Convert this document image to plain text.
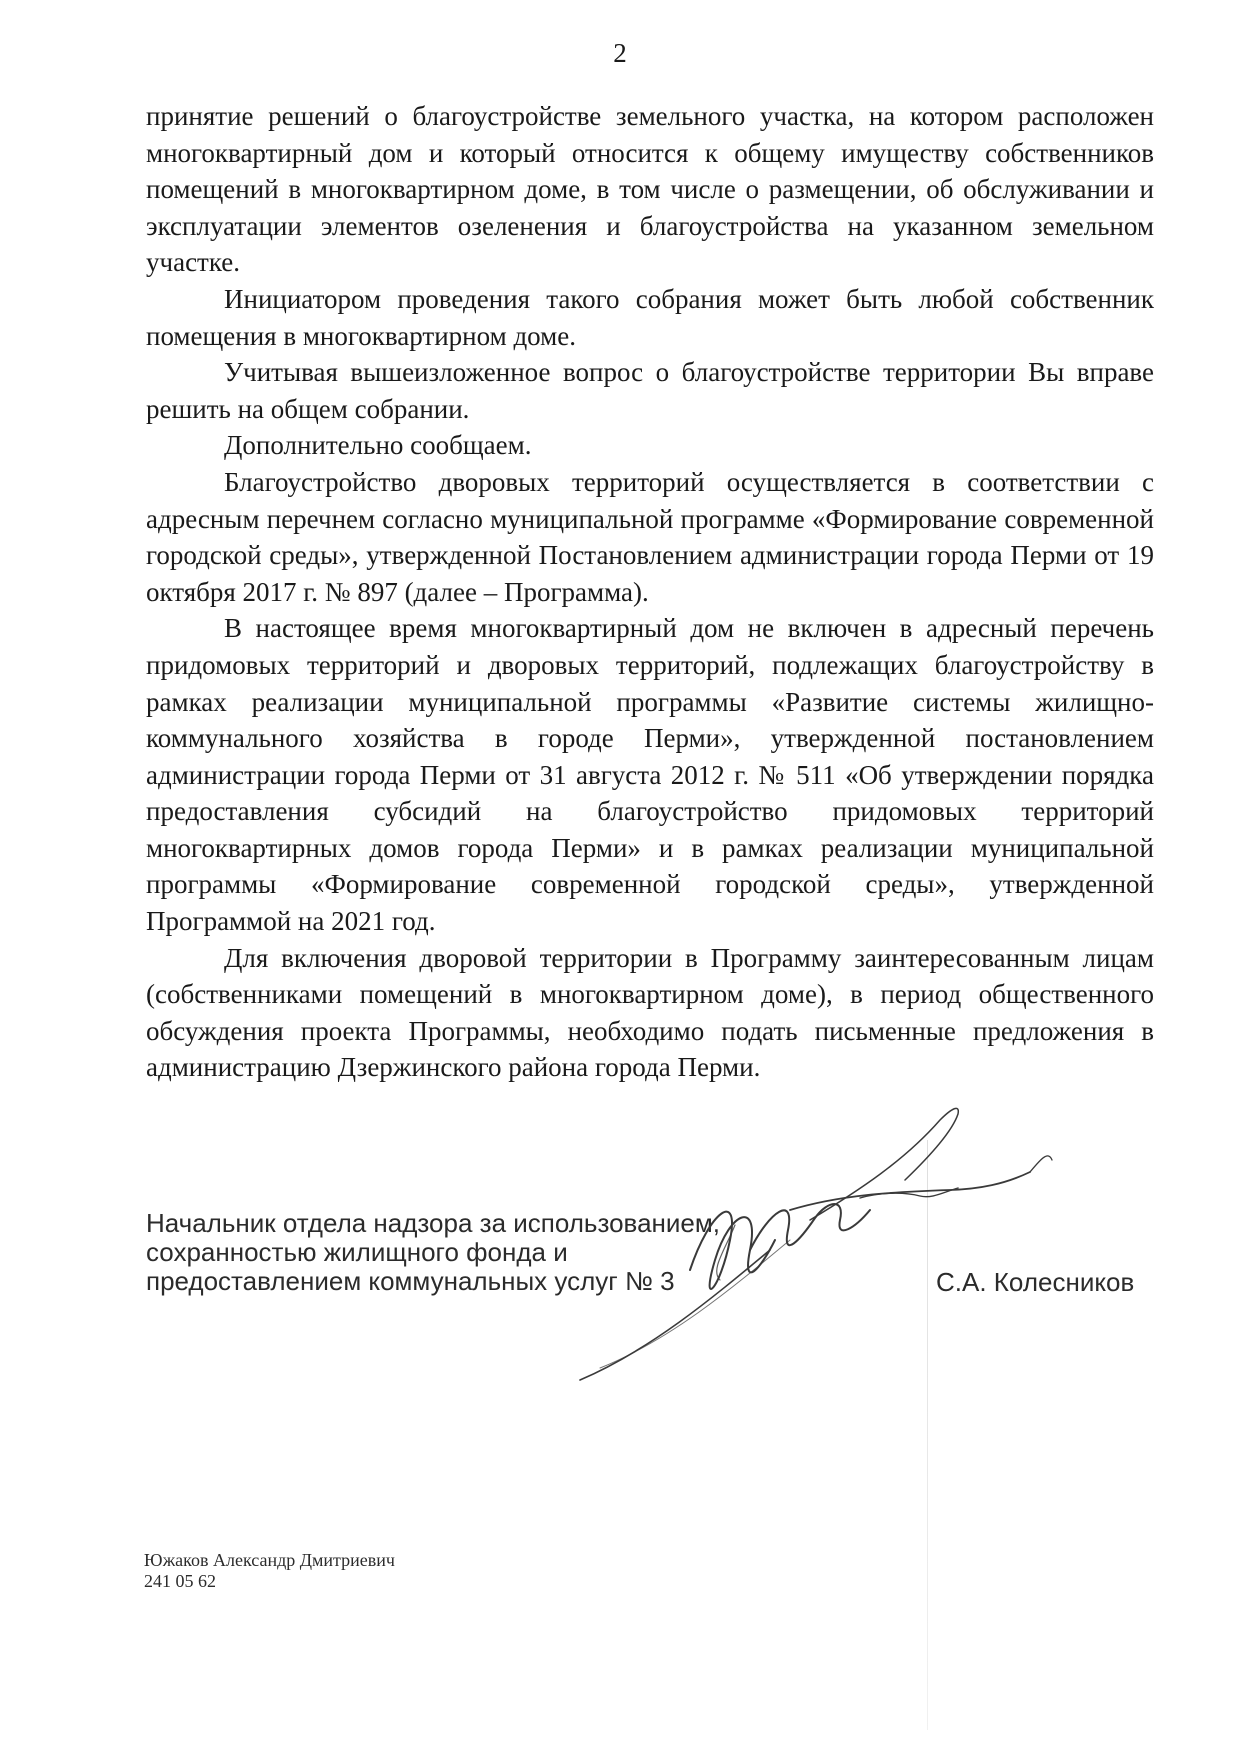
2

принятие решений о благоустройстве земельного участка, на котором расположен многоквартирный дом и который относится к общему имуществу собственников помещений в многоквартирном доме, в том числе о размещении, об обслуживании и эксплуатации элементов озеленения и благоустройства на указанном земельном участке.

Инициатором проведения такого собрания может быть любой собственник помещения в многоквартирном доме.

Учитывая вышеизложенное вопрос о благоустройстве территории Вы вправе решить на общем собрании.

Дополнительно сообщаем.

Благоустройство дворовых территорий осуществляется в соответствии с адресным перечнем согласно муниципальной программе «Формирование современной городской среды», утвержденной Постановлением администрации города Перми от 19 октября 2017 г. № 897 (далее – Программа).

В настоящее время многоквартирный дом не включен в адресный перечень придомовых территорий и дворовых территорий, подлежащих благоустройству в рамках реализации муниципальной программы «Развитие системы жилищно-коммунального хозяйства в городе Перми», утвержденной постановлением администрации города Перми от 31 августа 2012 г. № 511 «Об утверждении порядка предоставления субсидий на благоустройство придомовых территорий многоквартирных домов города Перми» и в рамках реализации муниципальной программы «Формирование современной городской среды», утвержденной Программой на 2021 год.

Для включения дворовой территории в Программу заинтересованным лицам (собственниками помещений в многоквартирном доме), в период общественного обсуждения проекта Программы, необходимо подать письменные предложения в администрацию Дзержинского района города Перми.

Начальник отдела надзора за использованием,
сохранностью жилищного фонда и
предоставлением коммунальных услуг № 3	С.А. Колесников
Южаков Александр Дмитриевич
241 05 62
